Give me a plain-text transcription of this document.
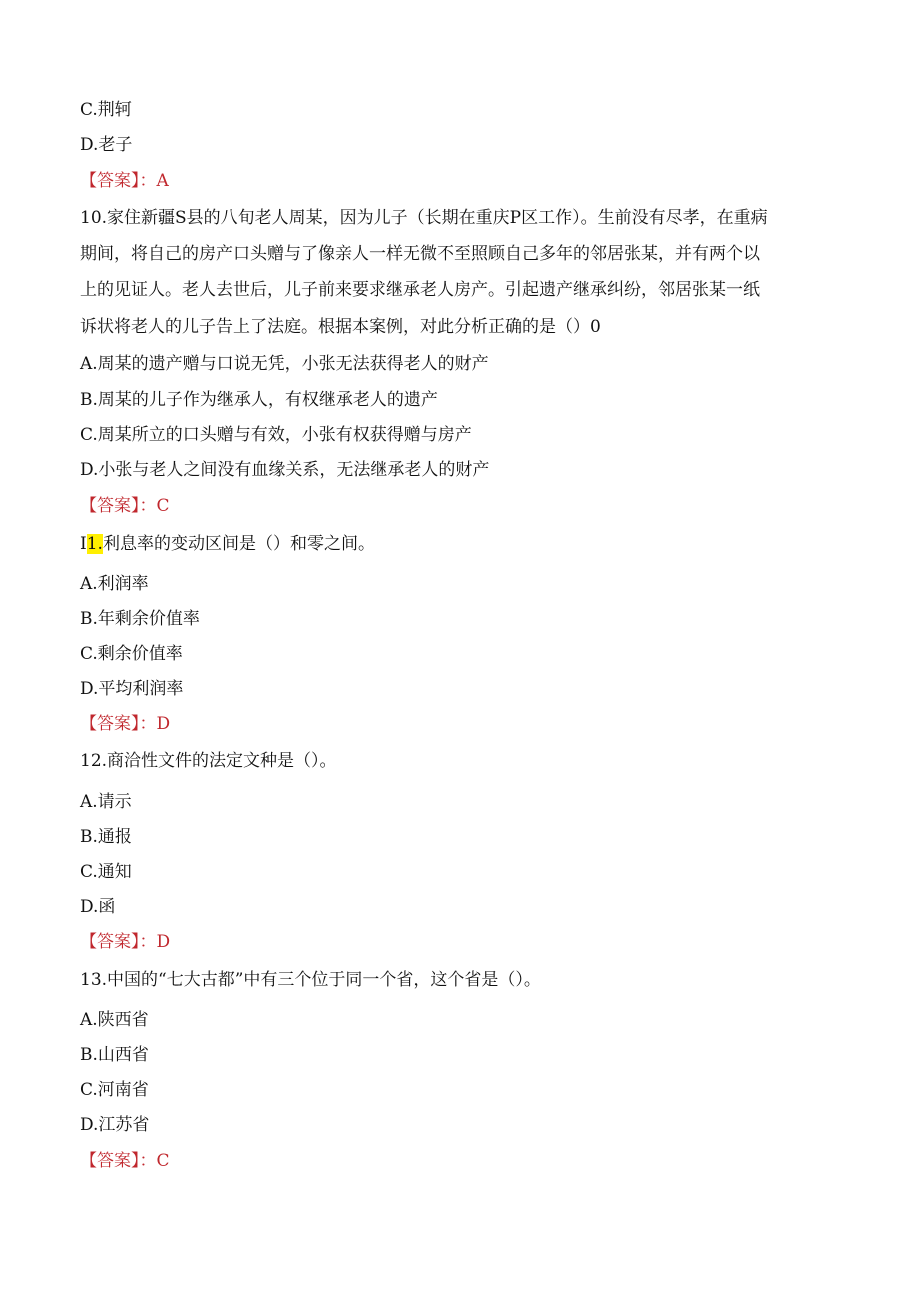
C.荆轲
D.老子
【答案】：A
10.家住新疆S县的八旬老人周某，因为儿子（长期在重庆P区工作）。生前没有尽孝，在重病
期间，将自己的房产口头赠与了像亲人一样无微不至照顾自己多年的邻居张某，并有两个以
上的见证人。老人去世后，儿子前来要求继承老人房产。引起遗产继承纠纷，邻居张某一纸
诉状将老人的儿子告上了法庭。根据本案例，对此分析正确的是（）0
A.周某的遗产赠与口说无凭，小张无法获得老人的财产
B.周某的儿子作为继承人，有权继承老人的遗产
C.周某所立的口头赠与有效，小张有权获得赠与房产
D.小张与老人之间没有血缘关系，无法继承老人的财产
【答案】：C
I1.利息率的变动区间是（）和零之间。
A.利润率
B.年剩余价值率
C.剩余价值率
D.平均利润率
【答案】：D
12.商洽性文件的法定文种是（）。
A.请示
B.通报
C.通知
D.函
【答案】：D
13.中国的“七大古都”中有三个位于同一个省，这个省是（）。
A.陕西省
B.山西省
C.河南省
D.江苏省
【答案】：C
